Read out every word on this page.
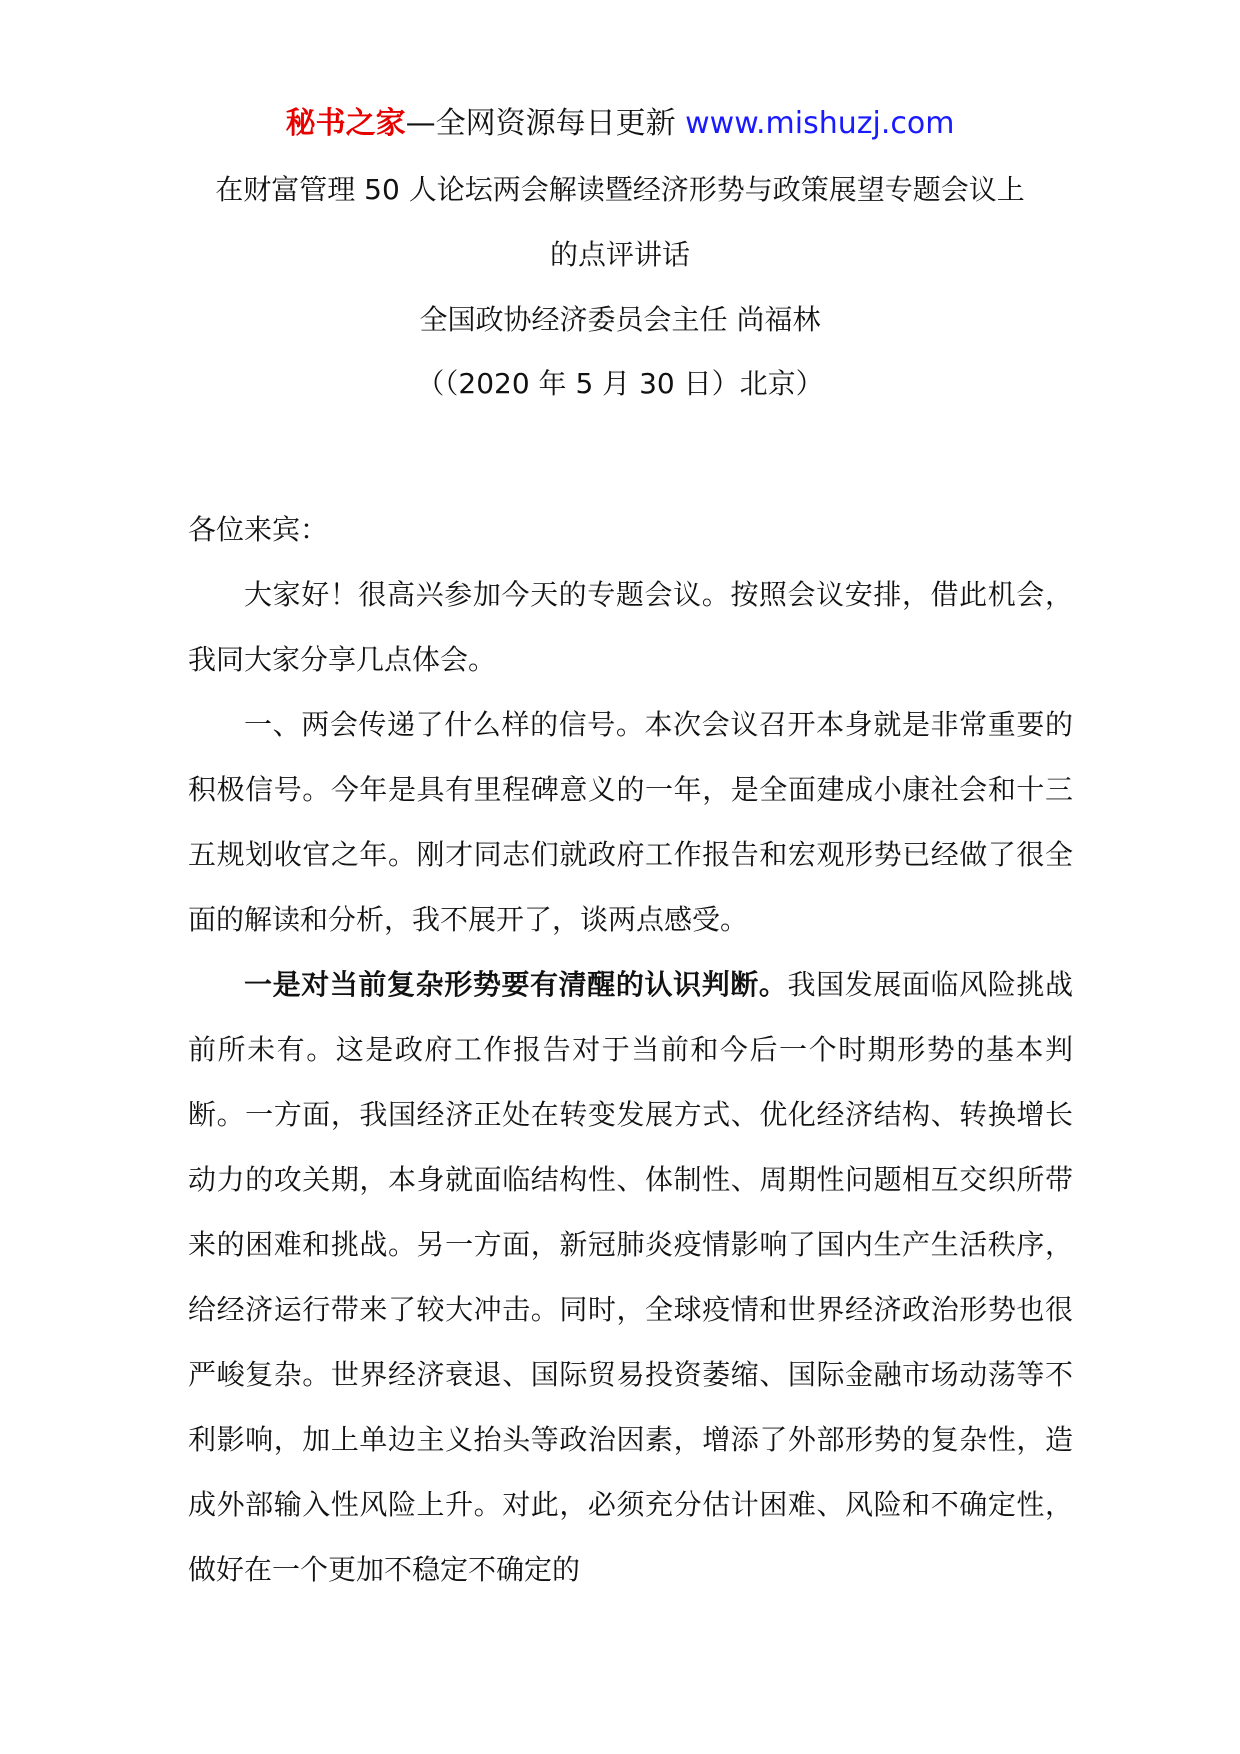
秘书之家—全网资源每日更新 www.mishuzj.com
在财富管理 50 人论坛两会解读暨经济形势与政策展望专题会议上
的点评讲话
全国政协经济委员会主任 尚福林
（（2020 年 5 月 30 日）北京）

各位来宾：

大家好！很高兴参加今天的专题会议。按照会议安排，借此机会，我同大家分享几点体会。

一、两会传递了什么样的信号。本次会议召开本身就是非常重要的积极信号。今年是具有里程碑意义的一年，是全面建成小康社会和十三五规划收官之年。刚才同志们就政府工作报告和宏观形势已经做了很全面的解读和分析，我不展开了，谈两点感受。

一是对当前复杂形势要有清醒的认识判断。我国发展面临风险挑战前所未有。这是政府工作报告对于当前和今后一个时期形势的基本判断。一方面，我国经济正处在转变发展方式、优化经济结构、转换增长动力的攻关期，本身就面临结构性、体制性、周期性问题相互交织所带来的困难和挑战。另一方面，新冠肺炎疫情影响了国内生产生活秩序，给经济运行带来了较大冲击。同时，全球疫情和世界经济政治形势也很严峻复杂。世界经济衰退、国际贸易投资萎缩、国际金融市场动荡等不利影响，加上单边主义抬头等政治因素，增添了外部形势的复杂性，造成外部输入性风险上升。对此，必须充分估计困难、风险和不确定性，做好在一个更加不稳定不确定的
